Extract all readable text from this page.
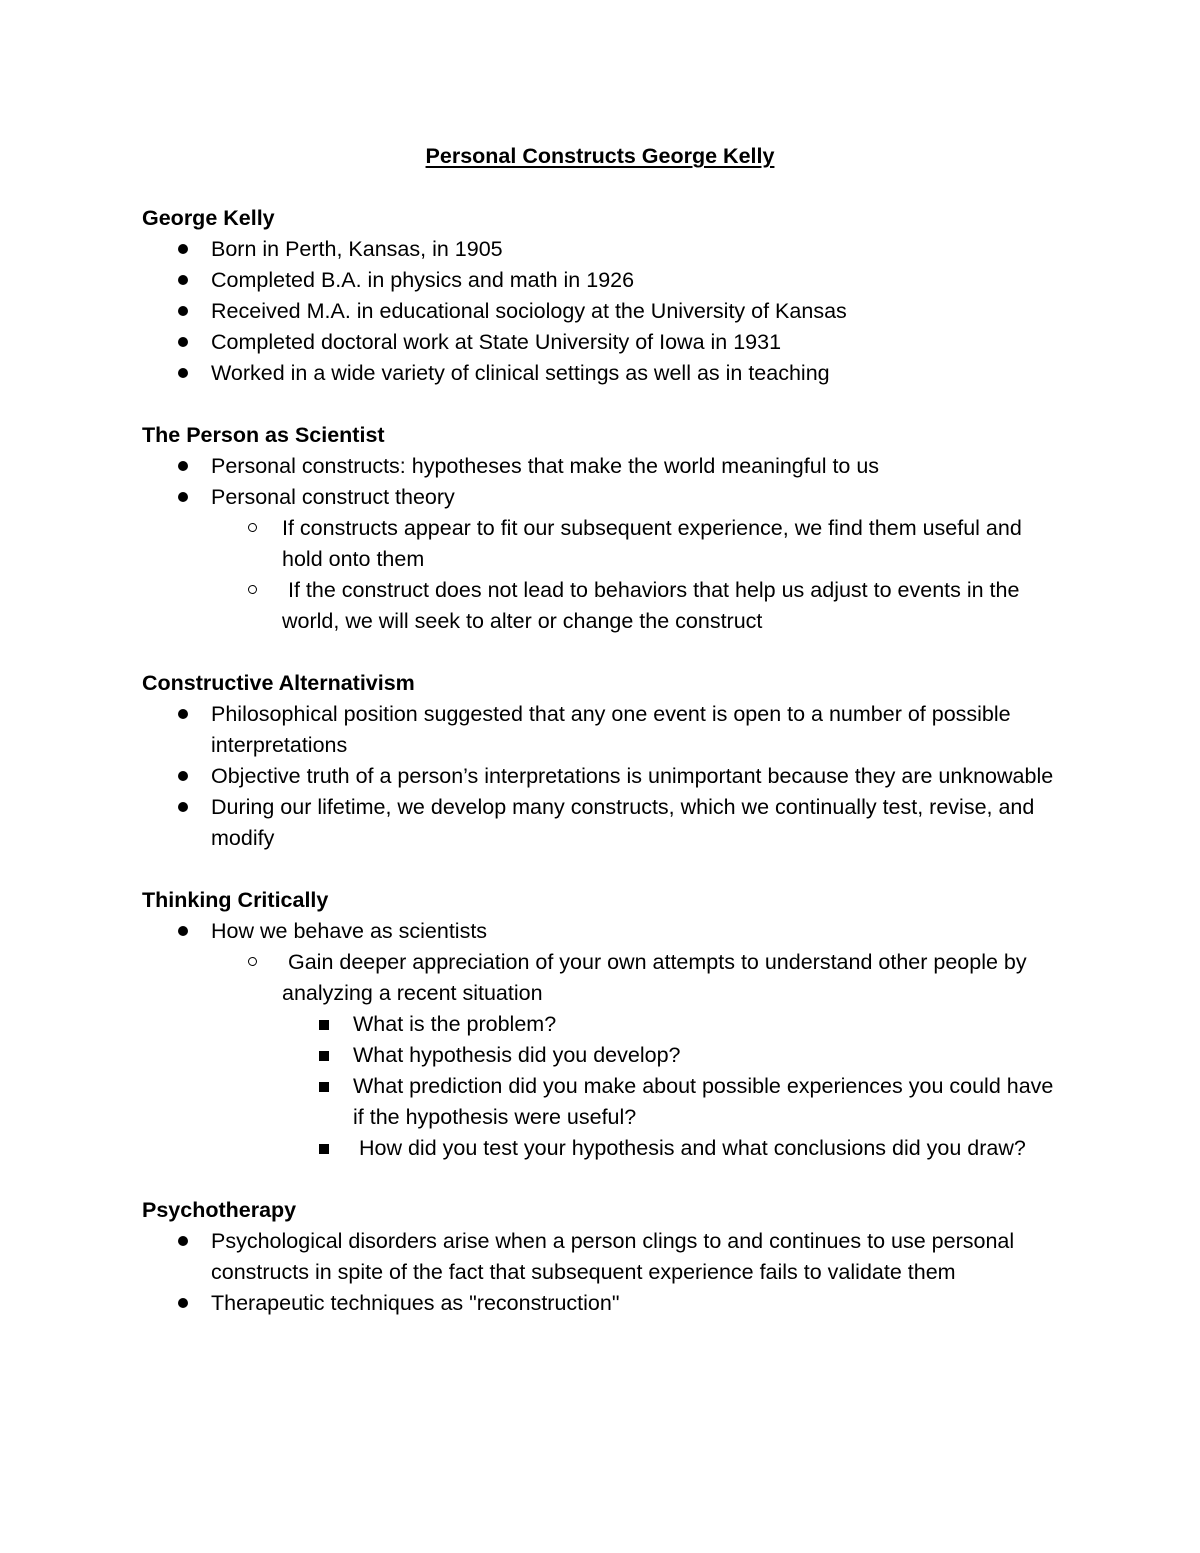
Personal Constructs George Kelly
George Kelly
Born in Perth, Kansas, in 1905
Completed B.A. in physics and math in 1926
Received M.A. in educational sociology at the University of Kansas
Completed doctoral work at State University of Iowa in 1931
Worked in a wide variety of clinical settings as well as in teaching
The Person as Scientist
Personal constructs: hypotheses that make the world meaningful to us
Personal construct theory
If constructs appear to fit our subsequent experience, we find them useful and hold onto them
If the construct does not lead to behaviors that help us adjust to events in the world, we will seek to alter or change the construct
Constructive Alternativism
Philosophical position suggested that any one event is open to a number of possible interpretations
Objective truth of a person’s interpretations is unimportant because they are unknowable
During our lifetime, we develop many constructs, which we continually test, revise, and modify
Thinking Critically
How we behave as scientists
Gain deeper appreciation of your own attempts to understand other people by analyzing a recent situation
What is the problem?
What hypothesis did you develop?
What prediction did you make about possible experiences you could have if the hypothesis were useful?
How did you test your hypothesis and what conclusions did you draw?
Psychotherapy
Psychological disorders arise when a person clings to and continues to use personal constructs in spite of the fact that subsequent experience fails to validate them
Therapeutic techniques as "reconstruction"
